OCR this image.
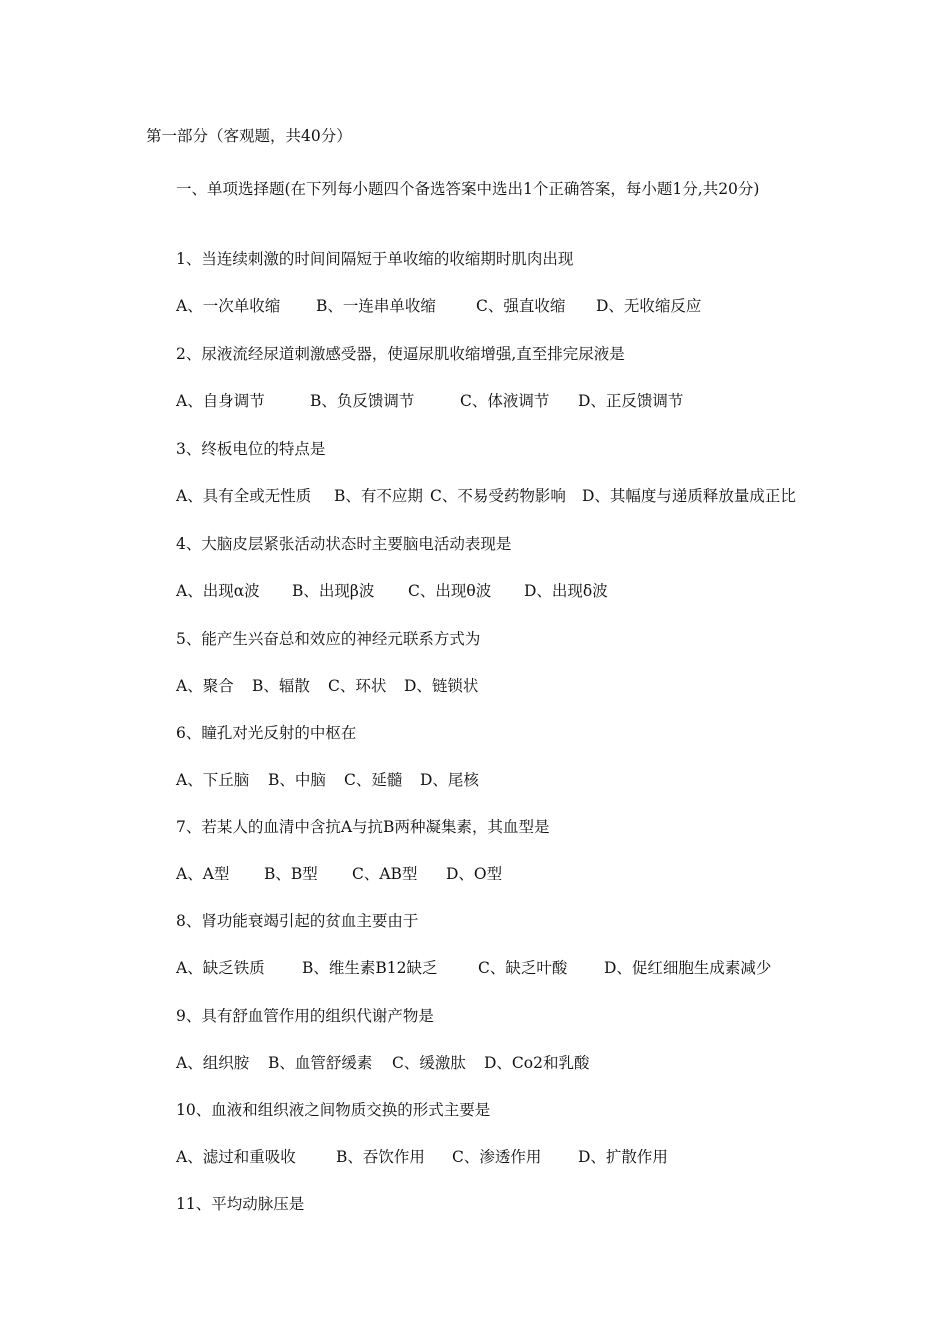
第一部分（客观题，共40分）
一、单项选择题(在下列每小题四个备选答案中选出1个正确答案，每小题1分,共20分)
1、当连续刺激的时间间隔短于单收缩的收缩期时肌肉出现
A、一次单收缩 B、一连串单收缩	C、强直收缩 D、无收缩反应
2、尿液流经尿道刺激感受器，使逼尿肌收缩增强,直至排完尿液是
A、自身调节	B、负反馈调节	C、体液调节 D、正反馈调节
3、终板电位的特点是
A、具有全或无性质 B、有不应期 C、不易受药物影响 D、其幅度与递质释放量成正比
4、大脑皮层紧张活动状态时主要脑电活动表现是
A、出现α波 B、出现β波 C、出现θ波 D、出现δ波
5、能产生兴奋总和效应的神经元联系方式为
A、聚合 B、辐散 C、环状 D、链锁状
6、瞳孔对光反射的中枢在
A、下丘脑 B、中脑 C、延髓 D、尾核
7、若某人的血清中含抗A与抗B两种凝集素，其血型是
A、A型 B、B型 C、AB型 D、O型
8、肾功能衰竭引起的贫血主要由于
A、缺乏铁质 B、维生素B12缺乏	C、缺乏叶酸 D、促红细胞生成素减少
9、具有舒血管作用的组织代谢产物是
A、组织胺 B、血管舒缓素 C、缓激肽 D、Co2和乳酸
10、血液和组织液之间物质交换的形式主要是
A、滤过和重吸收	B、吞饮作用 C、渗透作用 D、扩散作用
11、平均动脉压是
